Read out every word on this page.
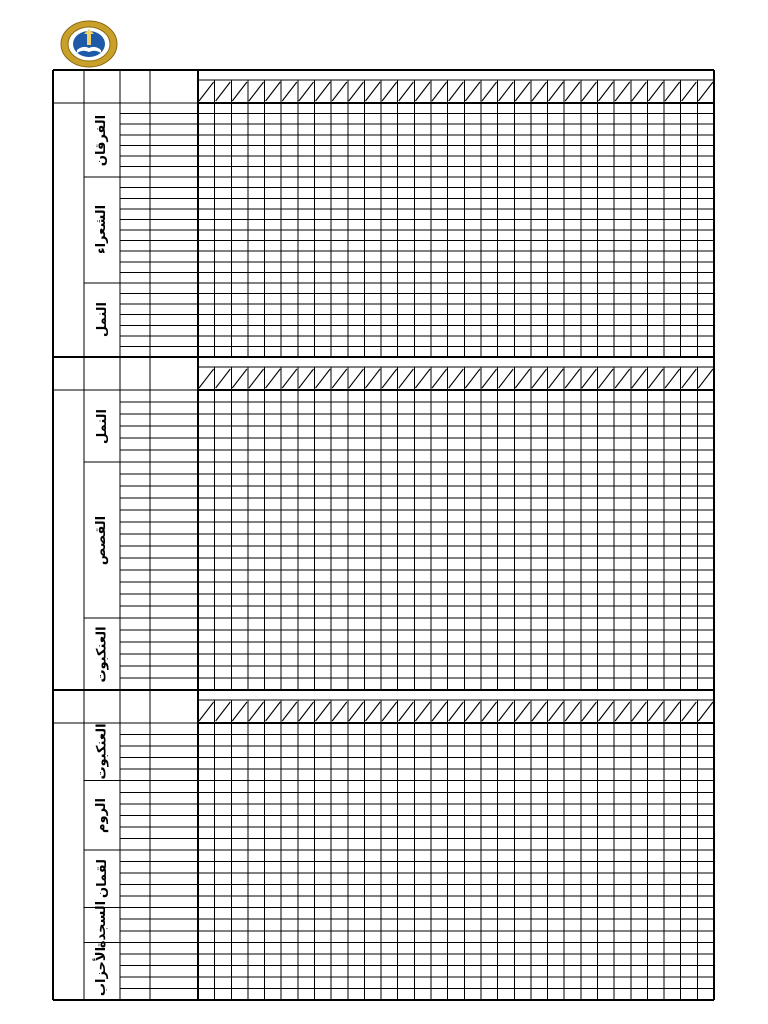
الفرقان
الشعراء
النمل
النمل
القصص
العنكبوت
العنكبوت
الروم
لقمان
السجدة
الأحزاب
